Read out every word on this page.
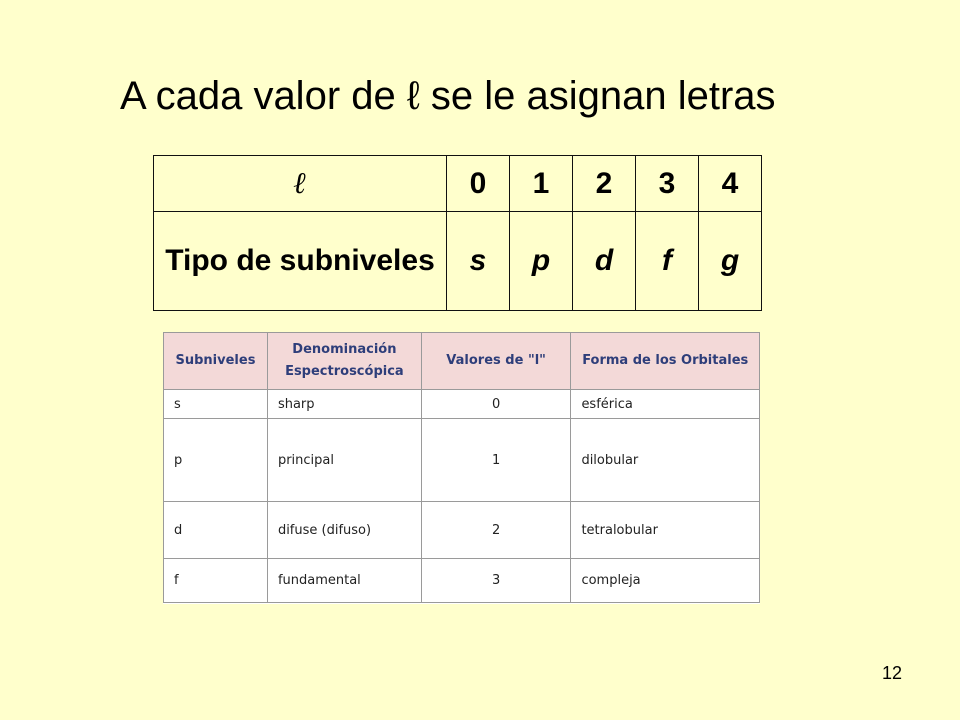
A cada valor de ℓ se le asignan letras
ℓ	0	1	2	3	4
Tipo de subniveles	s	p	d	f	g
Subniveles	Denominación Espectroscópica	Valores de "l"	Forma de los Orbitales
s	sharp	0	esférica
p	principal	1	dilobular
d	difuse (difuso)	2	tetralobular
f	fundamental	3	compleja
12
